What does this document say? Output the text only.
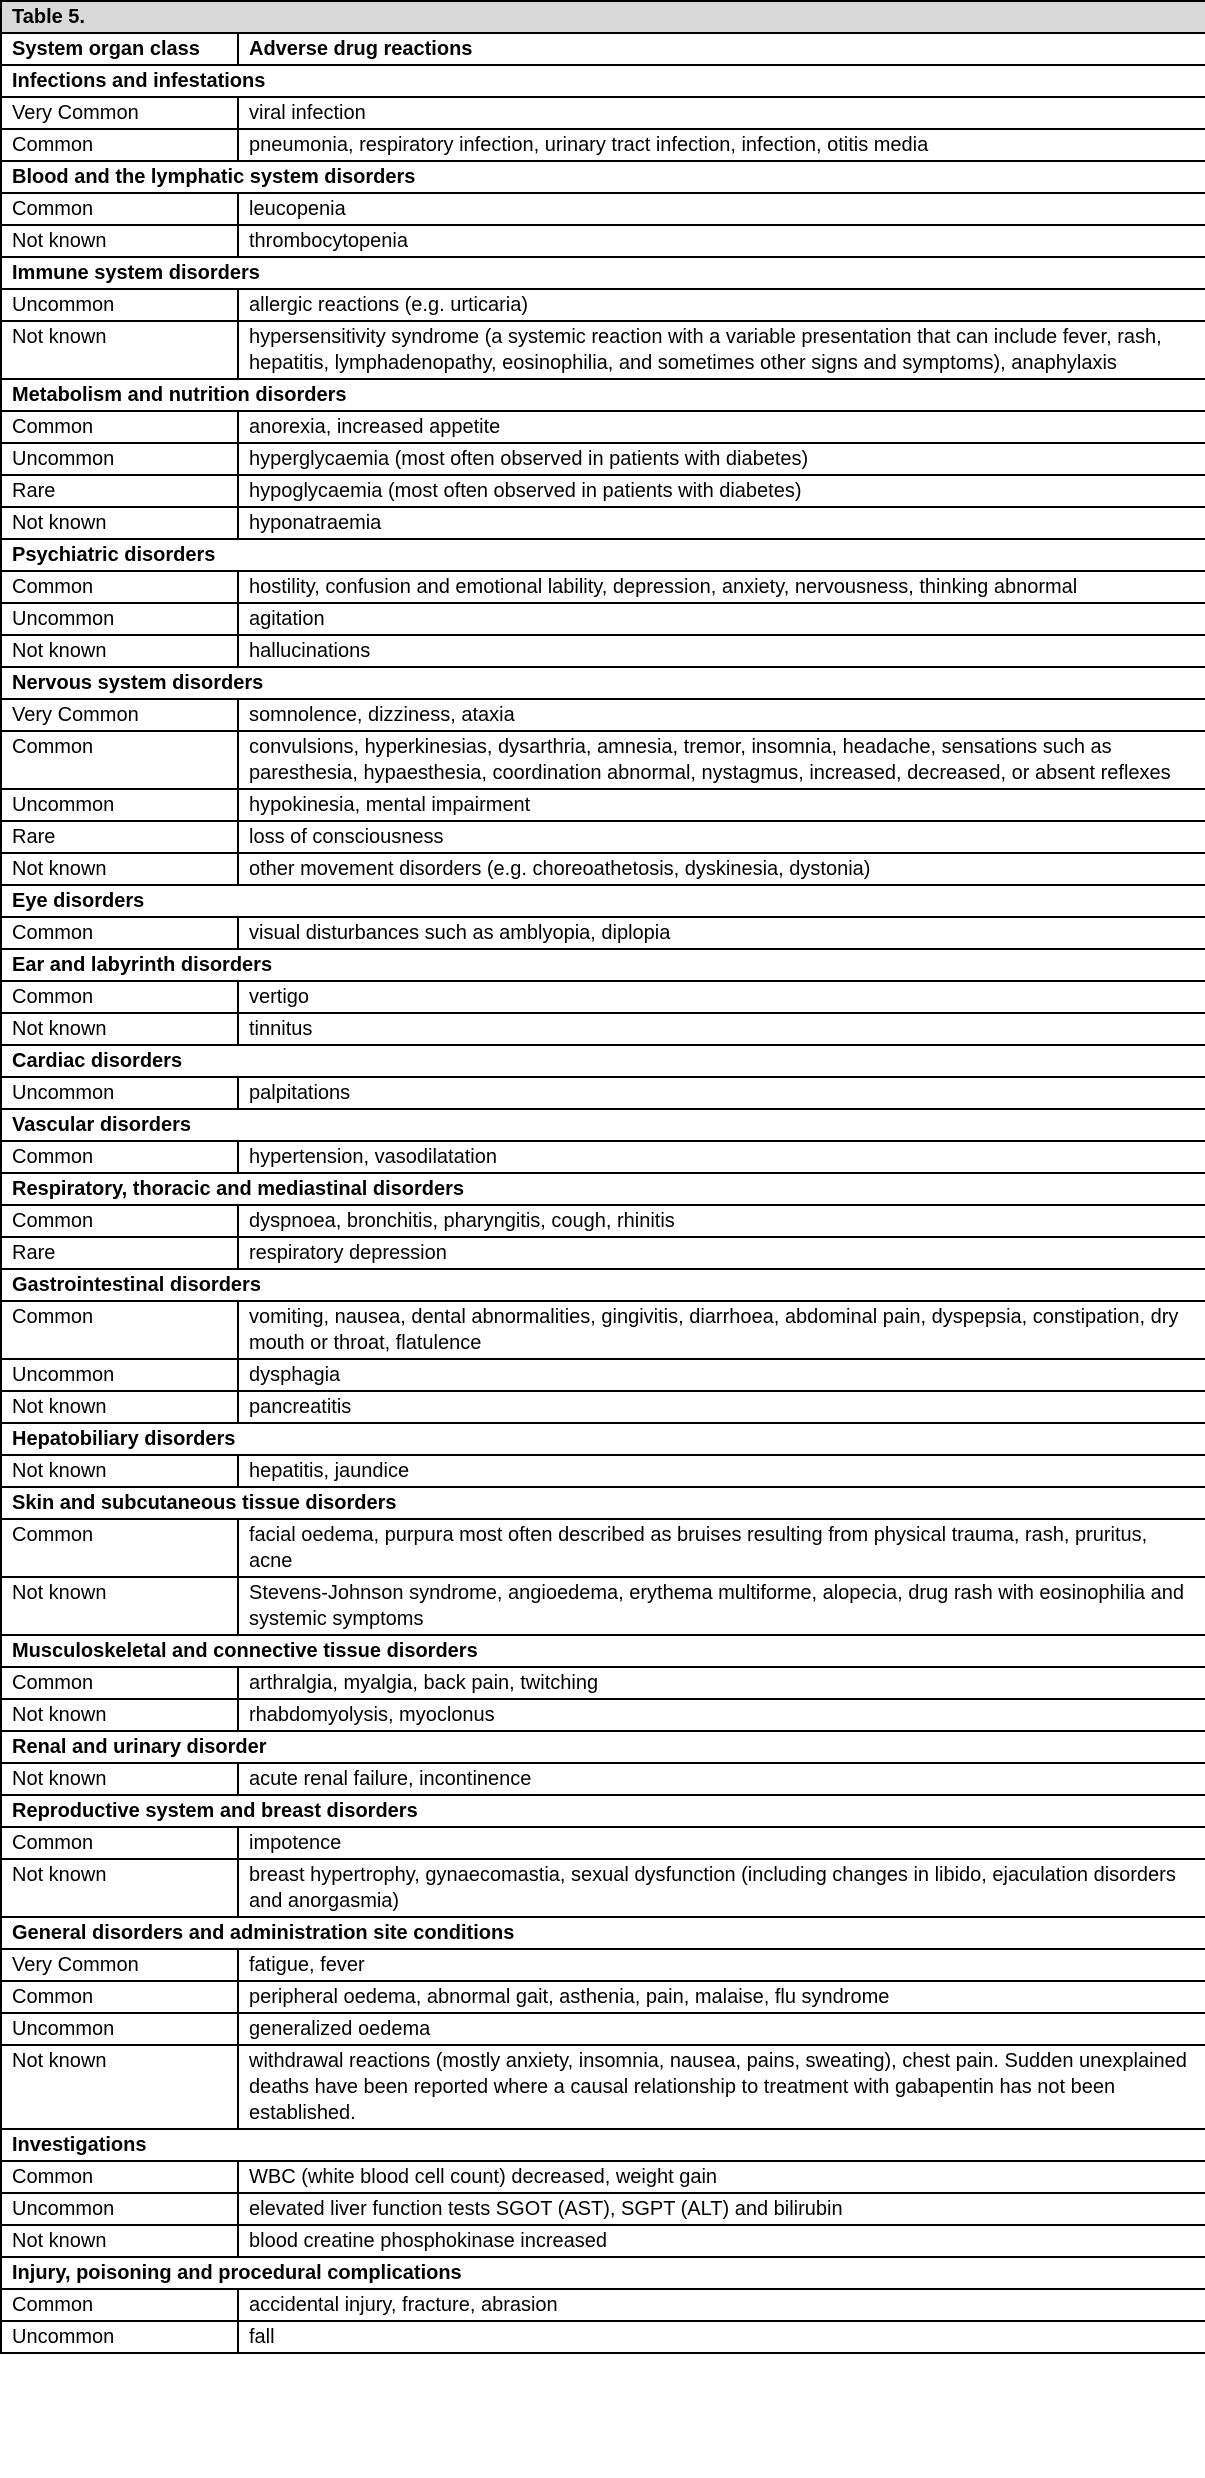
Table 5.	
System organ class	Adverse drug reactions
Infections and infestations	
Very Common	viral infection
Common	pneumonia, respiratory infection, urinary tract infection, infection, otitis media
Blood and the lymphatic system disorders	
Common	leucopenia
Not known	thrombocytopenia
Immune system disorders	
Uncommon	allergic reactions (e.g. urticaria)
Not known	hypersensitivity syndrome (a systemic reaction with a variable presentation that can include fever, rash, hepatitis, lymphadenopathy, eosinophilia, and sometimes other signs and symptoms), anaphylaxis
Metabolism and nutrition disorders	
Common	anorexia, increased appetite
Uncommon	hyperglycaemia (most often observed in patients with diabetes)
Rare	hypoglycaemia (most often observed in patients with diabetes)
Not known	hyponatraemia
Psychiatric disorders	
Common	hostility, confusion and emotional lability, depression, anxiety, nervousness, thinking abnormal
Uncommon	agitation
Not known	hallucinations
Nervous system disorders	
Very Common	somnolence, dizziness, ataxia
Common	convulsions, hyperkinesias, dysarthria, amnesia, tremor, insomnia, headache, sensations such as paresthesia, hypaesthesia, coordination abnormal, nystagmus, increased, decreased, or absent reflexes
Uncommon	hypokinesia, mental impairment
Rare	loss of consciousness
Not known	other movement disorders (e.g. choreoathetosis, dyskinesia, dystonia)
Eye disorders	
Common	visual disturbances such as amblyopia, diplopia
Ear and labyrinth disorders	
Common	vertigo
Not known	tinnitus
Cardiac disorders	
Uncommon	palpitations
Vascular disorders	
Common	hypertension, vasodilatation
Respiratory, thoracic and mediastinal disorders	
Common	dyspnoea, bronchitis, pharyngitis, cough, rhinitis
Rare	respiratory depression
Gastrointestinal disorders	
Common	vomiting, nausea, dental abnormalities, gingivitis, diarrhoea, abdominal pain, dyspepsia, constipation, dry mouth or throat, flatulence
Uncommon	dysphagia
Not known	pancreatitis
Hepatobiliary disorders	
Not known	hepatitis, jaundice
Skin and subcutaneous tissue disorders	
Common	facial oedema, purpura most often described as bruises resulting from physical trauma, rash, pruritus, acne
Not known	Stevens-Johnson syndrome, angioedema, erythema multiforme, alopecia, drug rash with eosinophilia and systemic symptoms
Musculoskeletal and connective tissue disorders	
Common	arthralgia, myalgia, back pain, twitching
Not known	rhabdomyolysis, myoclonus
Renal and urinary disorder	
Not known	acute renal failure, incontinence
Reproductive system and breast disorders	
Common	impotence
Not known	breast hypertrophy, gynaecomastia, sexual dysfunction (including changes in libido, ejaculation disorders and anorgasmia)
General disorders and administration site conditions	
Very Common	fatigue, fever
Common	peripheral oedema, abnormal gait, asthenia, pain, malaise, flu syndrome
Uncommon	generalized oedema
Not known	withdrawal reactions (mostly anxiety, insomnia, nausea, pains, sweating), chest pain. Sudden unexplained deaths have been reported where a causal relationship to treatment with gabapentin has not been established.
Investigations	
Common	WBC (white blood cell count) decreased, weight gain
Uncommon	elevated liver function tests SGOT (AST), SGPT (ALT) and bilirubin
Not known	blood creatine phosphokinase increased
Injury, poisoning and procedural complications	
Common	accidental injury, fracture, abrasion
Uncommon	fall
